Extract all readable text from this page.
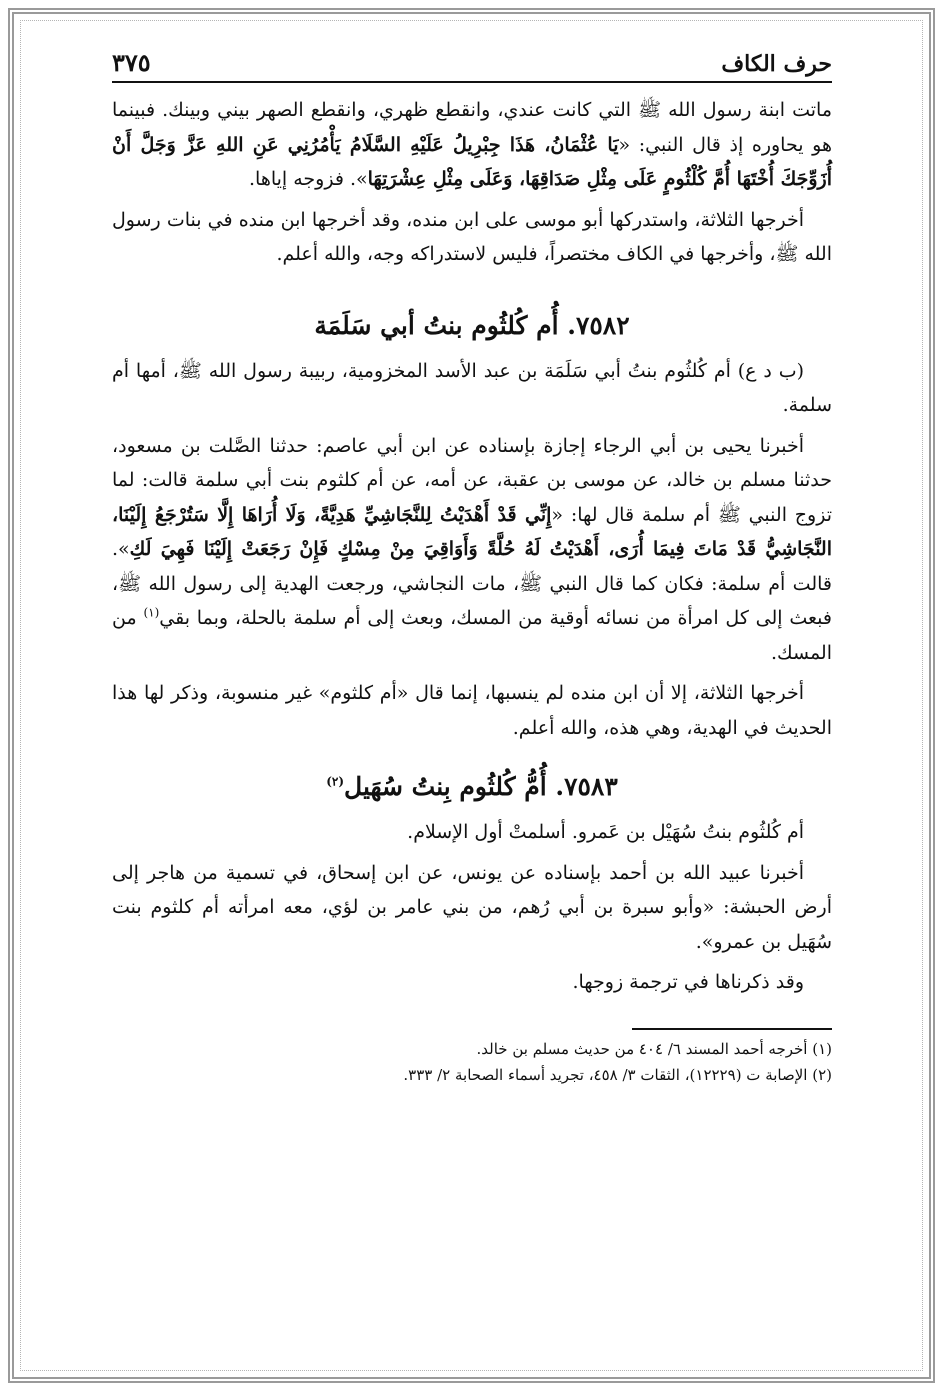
حرف الكاف
٣٧٥

ماتت ابنة رسول الله ﷺ التي كانت عندي، وانقطع ظهري، وانقطع الصهر بيني وبينك. فبينما هو يحاوره إذ قال النبي: «يَا عُثْمَانُ، هَذَا جِبْرِيلُ عَلَيْهِ السَّلَامُ يَأْمُرُنِي عَنِ اللهِ عَزَّ وَجَلَّ أَنْ أُزَوِّجَكَ أُخْتَهَا أُمَّ كُلْثُومٍ عَلَى مِثْلِ صَدَاقِهَا، وَعَلَى مِثْلِ عِشْرَتِهَا». فزوجه إياها.

أخرجها الثلاثة، واستدركها أبو موسى على ابن منده، وقد أخرجها ابن منده في بنات رسول الله ﷺ، وأخرجها في الكاف مختصراً، فليس لاستدراكه وجه، والله أعلم.

٧٥٨٢. أُم كُلثُوم بنتُ أبي سَلَمَة

(ب د ع) أم كُلثُوم بنتُ أبي سَلَمَة بن عبد الأسد المخزومية، ربيبة رسول الله ﷺ، أمها أم سلمة.

أخبرنا يحيى بن أبي الرجاء إجازة بإسناده عن ابن أبي عاصم: حدثنا الصَّلت بن مسعود، حدثنا مسلم بن خالد، عن موسى بن عقبة، عن أمه، عن أم كلثوم بنت أبي سلمة قالت: لما تزوج النبي ﷺ أم سلمة قال لها: «إِنِّي قَدْ أَهْدَيْتُ لِلنَّجَاشِيِّ هَدِيَّةً، وَلَا أُرَاهَا إِلَّا سَتُرْجَعُ إِلَيْنَا، النَّجَاشِيُّ قَدْ مَاتَ فِيمَا أُرَى، أَهْدَيْتُ لَهُ حُلَّةً وَأَوَاقِيَ مِنْ مِسْكٍ فَإِنْ رَجَعَتْ إِلَيْنَا فَهِيَ لَكِ». قالت أم سلمة: فكان كما قال النبي ﷺ، مات النجاشي، ورجعت الهدية إلى رسول الله ﷺ، فبعث إلى كل امرأة من نسائه أوقية من المسك، وبعث إلى أم سلمة بالحلة، وبما بقي$^{(١)}$ من المسك.

أخرجها الثلاثة، إلا أن ابن منده لم ينسبها، إنما قال «أم كلثوم» غير منسوبة، وذكر لها هذا الحديث في الهدية، وهي هذه، والله أعلم.

٧٥٨٣. أُمُّ كُلثُوم بِنتُ سُهَيل$^{(٢)}$

أم كُلثُوم بنتُ سُهَيْل بن عَمرو. أسلمتْ أول الإسلام.

أخبرنا عبيد الله بن أحمد بإسناده عن يونس، عن ابن إسحاق، في تسمية من هاجر إلى أرض الحبشة: «وأبو سبرة بن أبي رُهم، من بني عامر بن لؤي، معه امرأته أم كلثوم بنت سُهَيل بن عمرو».

وقد ذكرناها في ترجمة زوجها.

(١) أخرجه أحمد المسند ٦/ ٤٠٤ من حديث مسلم بن خالد.

(٢) الإصابة ت (١٢٢٢٩)، الثقات ٣/ ٤٥٨، تجريد أسماء الصحابة ٢/ ٣٣٣.
